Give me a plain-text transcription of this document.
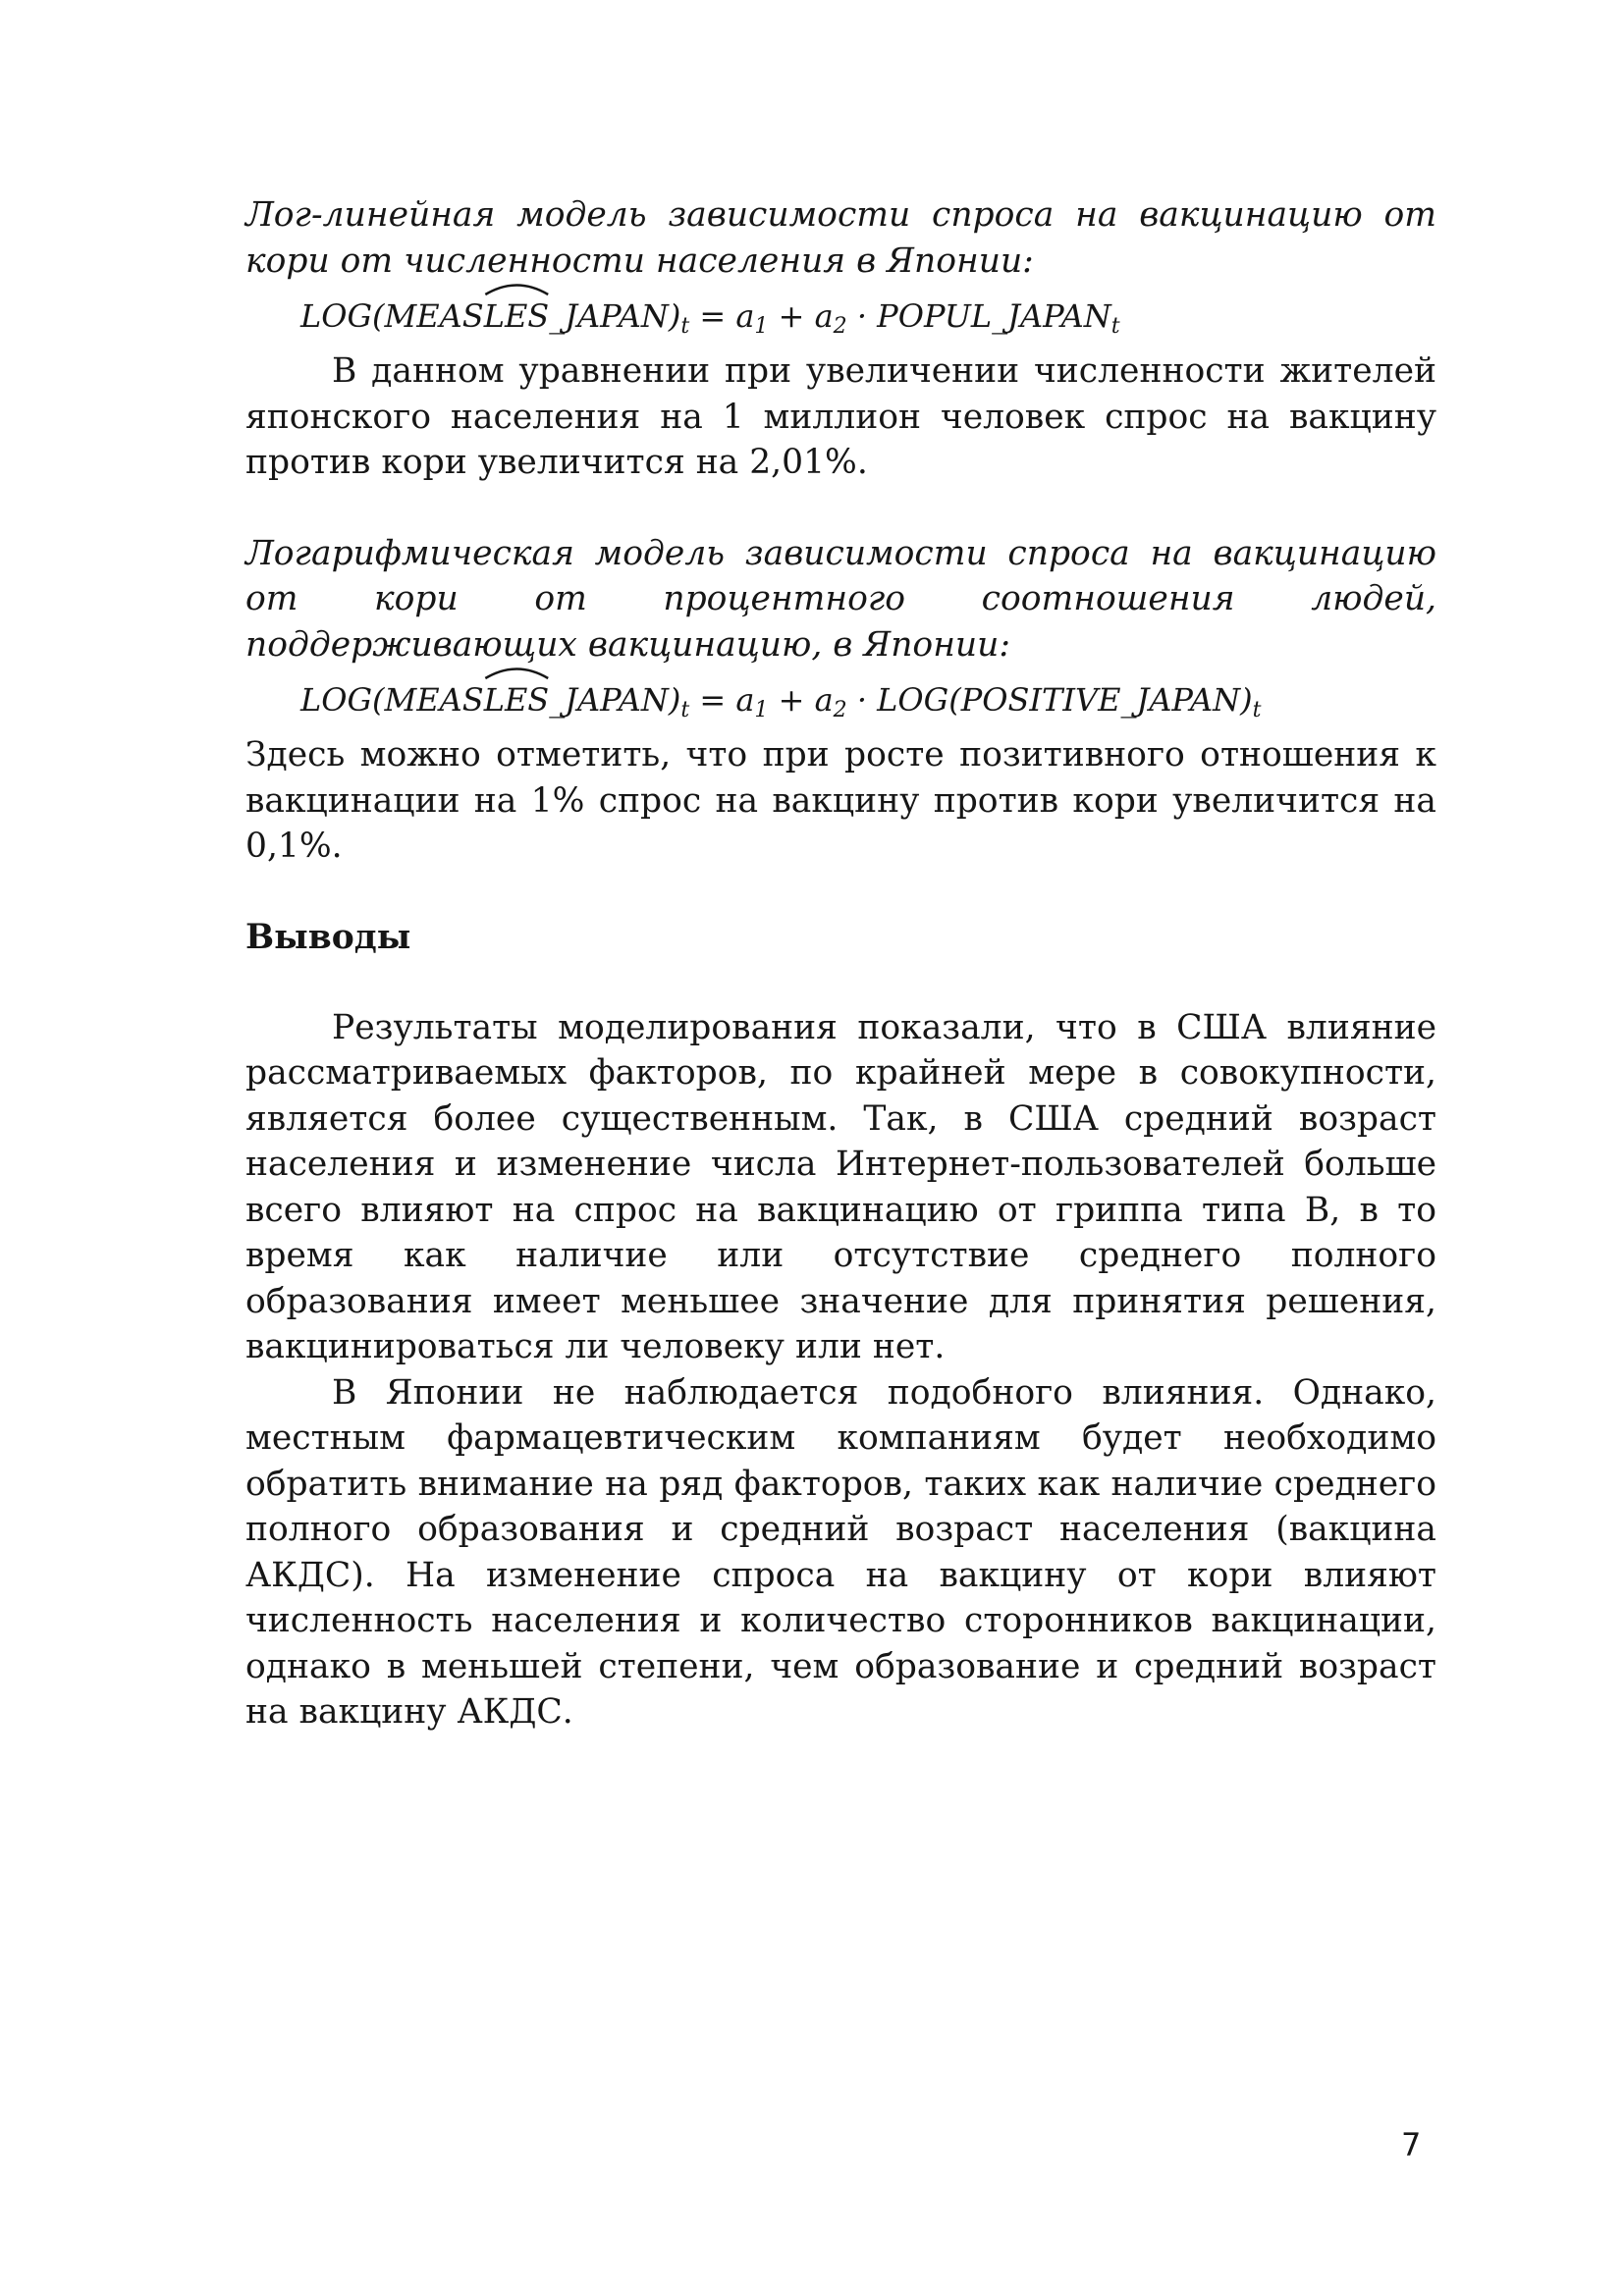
Лог-линейная модель зависимости спроса на вакцинацию от кори от численности населения в Японии:

LOG(MEAS
$LES\_JAPAN)_t = a_1 + a_2$ · $POPUL\_JAPAN_t$

В данном уравнении при увеличении численности жителей японского населения на 1 миллион человек спрос на вакцину против кори увеличится на 2,01%.

Логарифмическая модель зависимости спроса на вакцинацию от кори от процентного соотношения людей, поддерживающих вакцинацию, в Японии:

LOG(MEAS
$LES\_JAPAN)_t = a_1 + a_2$ · $LOG(POSITIVE\_JAPAN)_t$

Здесь можно отметить, что при росте позитивного отношения к вакцинации на 1% спрос на вакцину против кори увеличится на 0,1%.

Выводы

Результаты моделирования показали, что в США влияние рассматриваемых факторов, по крайней мере в совокупности, является более существенным. Так, в США средний возраст населения и изменение числа Интернет-пользователей больше всего влияют на спрос на вакцинацию от гриппа типа В, в то время как наличие или отсутствие среднего полного образования имеет меньшее значение для принятия решения, вакцинироваться ли человеку или нет.

В Японии не наблюдается подобного влияния. Однако, местным фармацевтическим компаниям будет необходимо обратить внимание на ряд факторов, таких как наличие среднего полного образования и средний возраст населения (вакцина АКДС). На изменение спроса на вакцину от кори влияют численность населения и количество сторонников вакцинации, однако в меньшей степени, чем образование и средний возраст на вакцину АКДС.

7
